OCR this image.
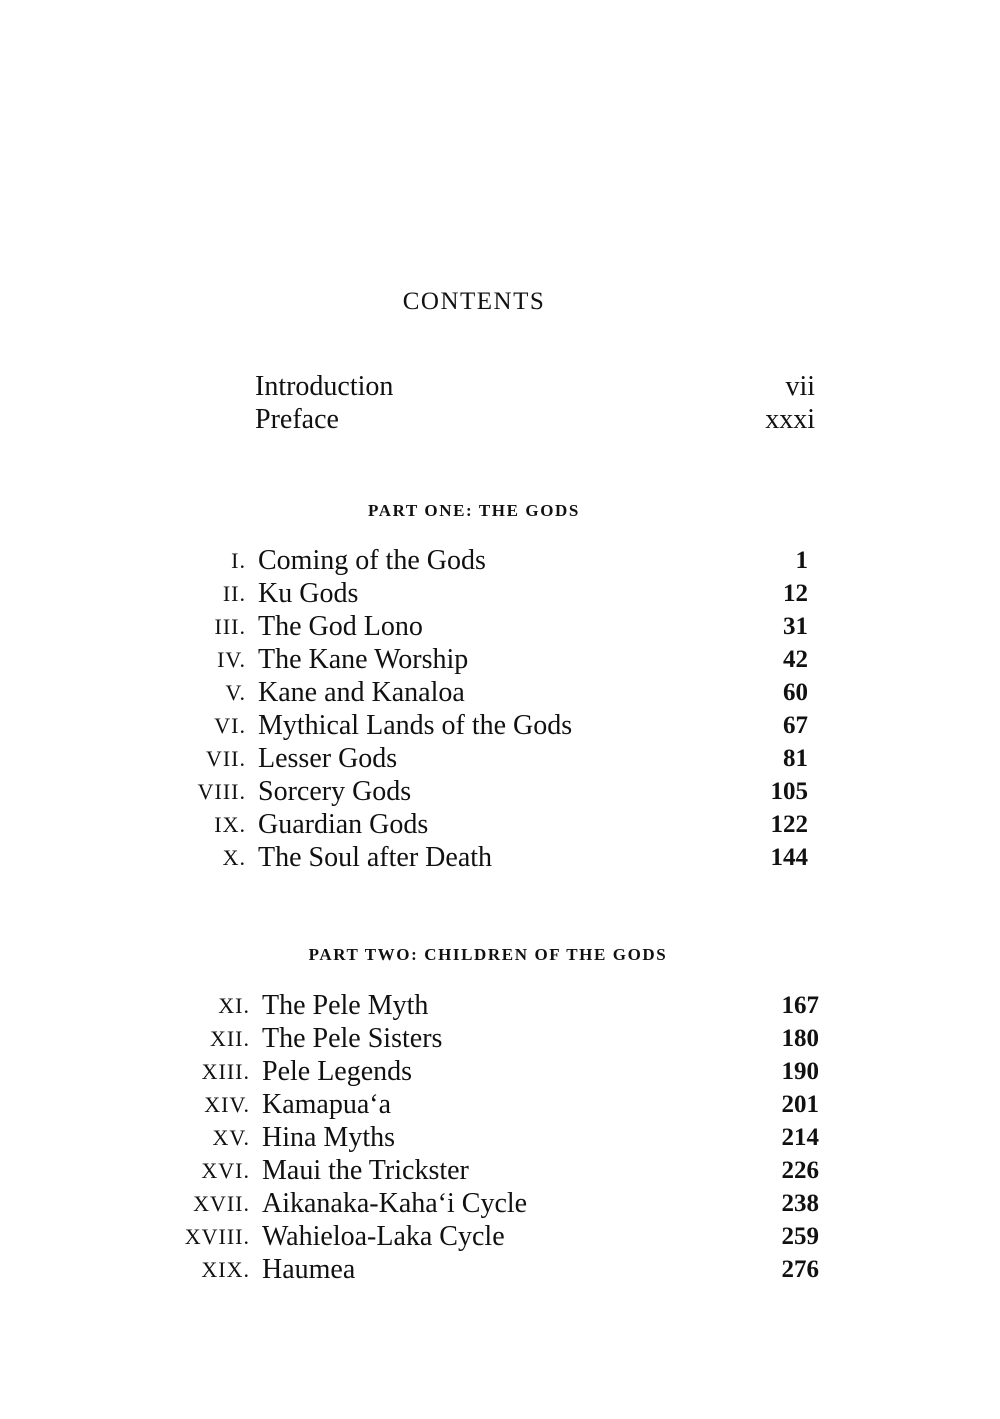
CONTENTS
Introduction	vii
Preface	xxxi
PART ONE: THE GODS
I. Coming of the Gods	1
II. Ku Gods	12
III. The God Lono	31
IV. The Kane Worship	42
V. Kane and Kanaloa	60
VI. Mythical Lands of the Gods	67
VII. Lesser Gods	81
VIII. Sorcery Gods	105
IX. Guardian Gods	122
X. The Soul after Death	144
PART TWO: CHILDREN OF THE GODS
XI. The Pele Myth	167
XII. The Pele Sisters	180
XIII. Pele Legends	190
XIV. Kamapua‘a	201
XV. Hina Myths	214
XVI. Maui the Trickster	226
XVII. Aikanaka-Kaha‘i Cycle	238
XVIII. Wahieloa-Laka Cycle	259
XIX. Haumea	276
